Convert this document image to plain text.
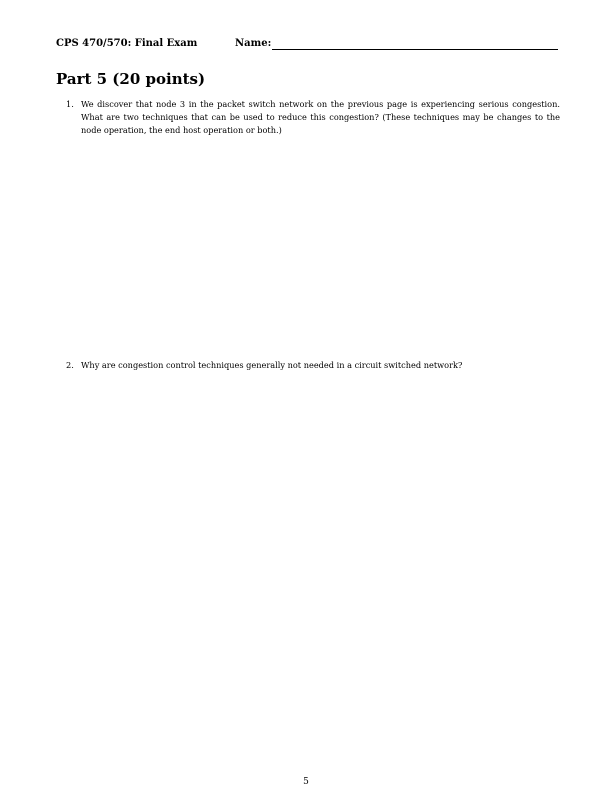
CPS 470/570: Final Exam	Name:
Part 5 (20 points)
1. We discover that node 3 in the packet switch network on the previous page is experiencing serious congestion. What are two techniques that can be used to reduce this congestion? (These techniques may be changes to the node operation, the end host operation or both.)
2. Why are congestion control techniques generally not needed in a circuit switched network?
5
